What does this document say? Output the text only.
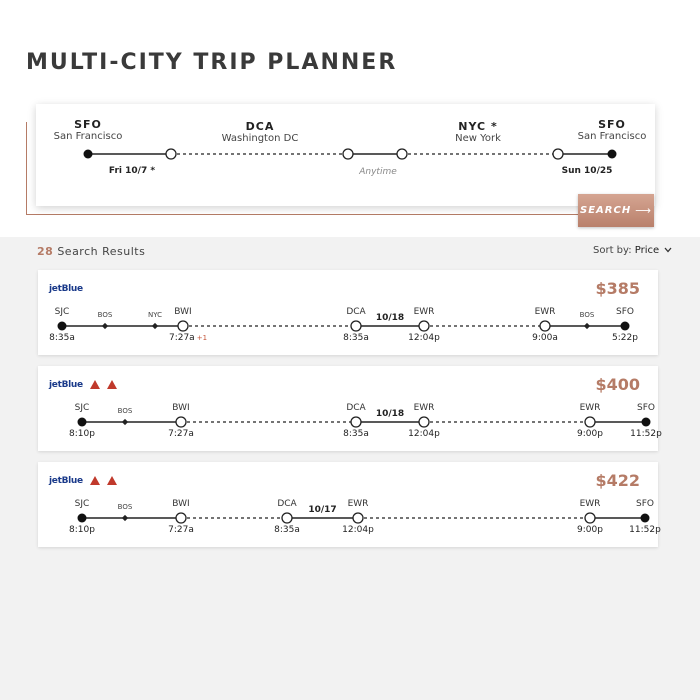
MULTI-CITY TRIP PLANNER
SFO
San Francisco
DCA
Washington DC
NYC *
New York
SFO
San Francisco
Fri 10/7 *	Anytime	Sun 10/25
SEARCH ⟶
28 Search Results	Sort by: Price
jetBlue	$385
SJC	BWI
BOS	NYC	DCA	EWR
10/18
EWR	SFO
BOS
8:35a	7:27a +1	8:35a	12:04p	9:00a	5:22p
jetBlue	$400
SJC	BWI
BOS	DCA	EWR
10/18
EWR	SFO
8:10p	7:27a	8:35a	12:04p	9:00p	11:52p
jetBlue	$422
SJC	BWI
BOS	DCA	EWR
10/17
EWR	SFO
8:10p	7:27a	8:35a	12:04p	9:00p	11:52p
